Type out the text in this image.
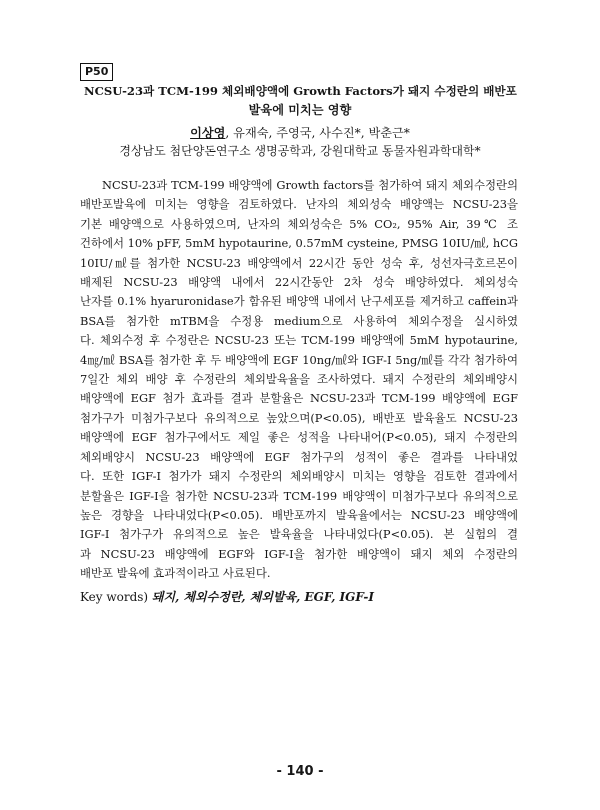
P50
NCSU-23과 TCM-199 체외배양액에 Growth Factors가 돼지 수정란의 배반포
발육에 미치는 영향
이상영, 유재숙, 주영국, 사수진*, 박춘근*
경상남도 첨단양돈연구소 생명공학과, 강원대학교 동물자원과학대학*
NCSU-23과 TCM-199 배양액에 Growth factors를 첨가하여 돼지 체외수정란의
배반포발육에 미치는 영향을 검토하였다. 난자의 체외성숙 배양액는 NCSU-23을
기본 배양액으로 사용하였으며, 난자의 체외성숙은 5% CO₂, 95% Air, 39℃ 조
건하에서 10% pFF, 5mM hypotaurine, 0.57mM cysteine, PMSG 10IU/㎖, hCG
10IU/㎖를 첨가한 NCSU-23 배양액에서 22시간 동안 성숙 후, 성선자극호르몬이
배제된 NCSU-23 배양액 내에서 22시간동안 2차 성숙 배양하였다. 체외성숙
난자를 0.1% hyaruronidase가 함유된 배양액 내에서 난구세포를 제거하고 caffein과
BSA를 첨가한 mTBM을 수정용 medium으로 사용하여 체외수정을 실시하였
다. 체외수정 후 수정란은 NCSU-23 또는 TCM-199 배양액에 5mM hypotaurine,
4㎎/㎖ BSA를 첨가한 후 두 배양액에 EGF 10ng/㎖와 IGF-I 5ng/㎖를 각각 첨가하여
7일간 체외 배양 후 수정란의 체외발육율을 조사하였다. 돼지 수정란의 체외배양시
배양액에 EGF 첨가 효과를 결과 분할율은 NCSU-23과 TCM-199 배양액에 EGF
첨가구가 미첨가구보다 유의적으로 높았으며(P<0.05), 배반포 발육율도 NCSU-23
배양액에 EGF 첨가구에서도 제일 좋은 성적을 나타내어(P<0.05), 돼지 수정란의
체외배양시 NCSU-23 배양액에 EGF 첨가구의 성적이 좋은 결과를 나타내었
다. 또한 IGF-I 첨가가 돼지 수정란의 체외배양시 미치는 영향을 검토한 결과에서
분할율은 IGF-I을 첨가한 NCSU-23과 TCM-199 배양액이 미첨가구보다 유의적으로
높은 경향을 나타내었다(P<0.05). 배반포까지 발육율에서는 NCSU-23 배양액에
IGF-I 첨가구가 유의적으로 높은 발육율을 나타내었다(P<0.05). 본 실험의 결
과 NCSU-23 배양액에 EGF와 IGF-I을 첨가한 배양액이 돼지 체외 수정란의
배반포 발육에 효과적이라고 사료된다.
Key words) 돼지, 체외수정란, 체외발육, EGF, IGF-I
- 140 -
